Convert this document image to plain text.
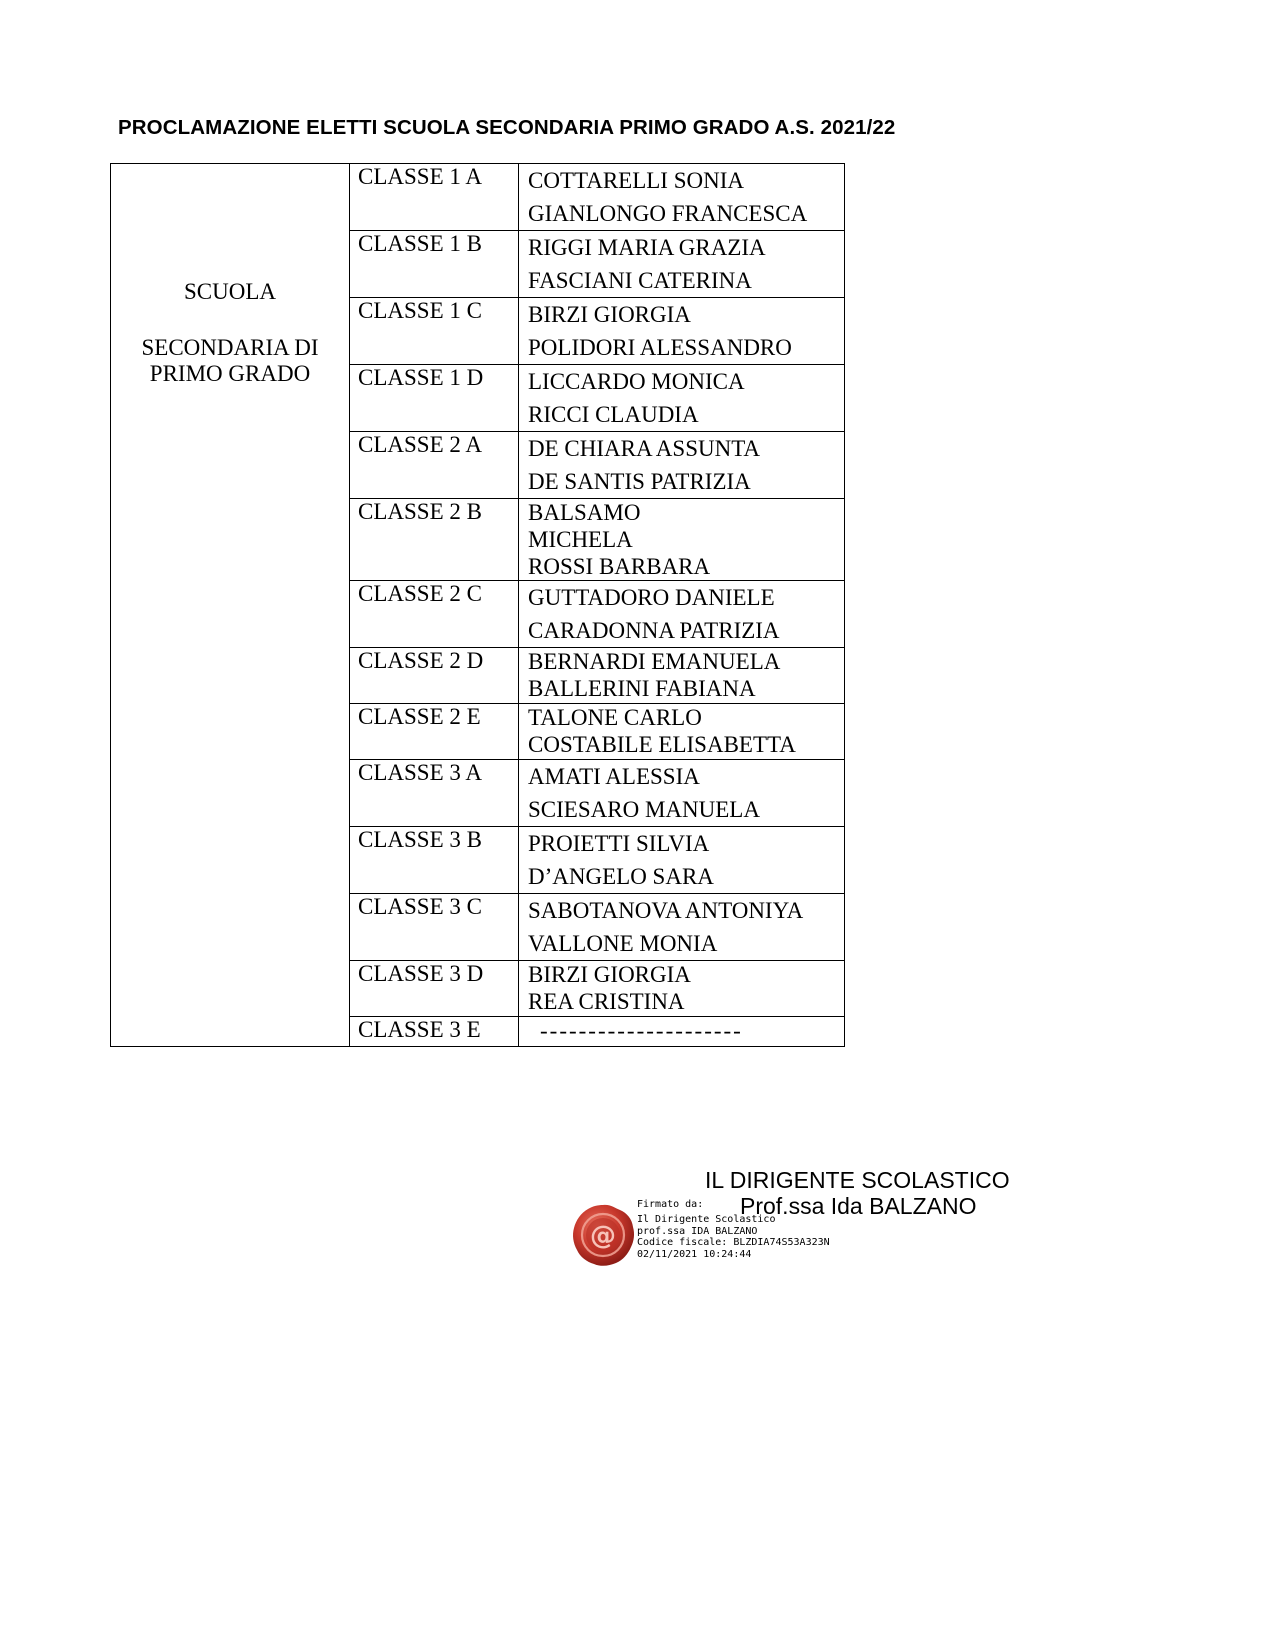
PROCLAMAZIONE ELETTI SCUOLA SECONDARIA PRIMO GRADO A.S. 2021/22
SCUOLA
SECONDARIA DI PRIMO GRADO	CLASSE 1 A	COTTARELLI SONIA
GIANLONGO FRANCESCA

	CLASSE 1 B	RIGGI MARIA GRAZIA
FASCIANI CATERINA

	CLASSE 1 C	BIRZI GIORGIA
POLIDORI ALESSANDRO

	CLASSE 1 D	LICCARDO MONICA
RICCI CLAUDIA

	CLASSE 2 A	DE CHIARA ASSUNTA
DE SANTIS PATRIZIA

	CLASSE 2 B	BALSAMO
MICHELA
ROSSI BARBARA

	CLASSE 2 C	GUTTADORO DANIELE
CARADONNA PATRIZIA

	CLASSE 2 D	BERNARDI EMANUELA
BALLERINI FABIANA

	CLASSE 2 E	TALONE CARLO
COSTABILE ELISABETTA

	CLASSE 3 A	AMATI ALESSIA
SCIESARO MANUELA

	CLASSE 3 B	PROIETTI SILVIA
D’ANGELO SARA

	CLASSE 3 C	SABOTANOVA ANTONIYA
VALLONE MONIA

	CLASSE 3 D	BIRZI GIORGIA
REA CRISTINA

	CLASSE 3 E	---------------------
IL DIRIGENTE SCOLASTICO
Prof.ssa Ida BALZANO
Firmato da:
Il Dirigente Scolastico
prof.ssa IDA BALZANO
Codice fiscale: BLZDIA74S53A323N
02/11/2021 10:24:44
@
